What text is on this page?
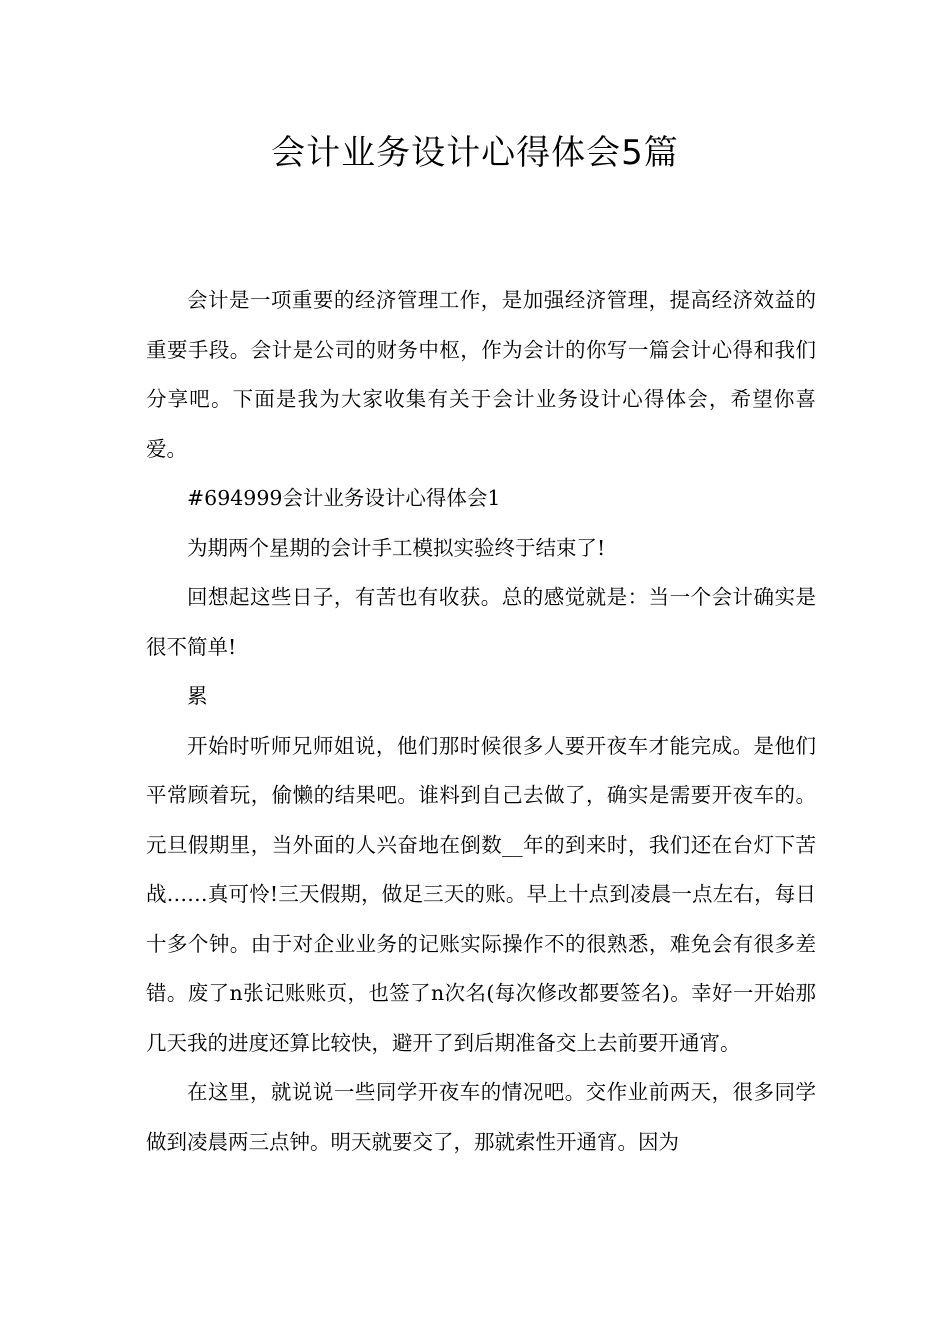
会计业务设计心得体会5篇

会计是一项重要的经济管理工作，是加强经济管理，提高经济效益的重要手段。会计是公司的财务中枢，作为会计的你写一篇会计心得和我们分享吧。下面是我为大家收集有关于会计业务设计心得体会，希望你喜爱。

#694999会计业务设计心得体会1

为期两个星期的会计手工模拟实验终于结束了!

回想起这些日子，有苦也有收获。总的感觉就是：当一个会计确实是很不简单!

累

开始时听师兄师姐说，他们那时候很多人要开夜车才能完成。是他们平常顾着玩，偷懒的结果吧。谁料到自己去做了，确实是需要开夜车的。元旦假期里，当外面的人兴奋地在倒数__年的到来时，我们还在台灯下苦战……真可怜!三天假期，做足三天的账。早上十点到凌晨一点左右，每日十多个钟。由于对企业业务的记账实际操作不的很熟悉，难免会有很多差错。废了n张记账账页，也签了n次名(每次修改都要签名)。幸好一开始那几天我的进度还算比较快，避开了到后期准备交上去前要开通宵。

在这里，就说说一些同学开夜车的情况吧。交作业前两天，很多同学做到凌晨两三点钟。明天就要交了，那就索性开通宵。因为
